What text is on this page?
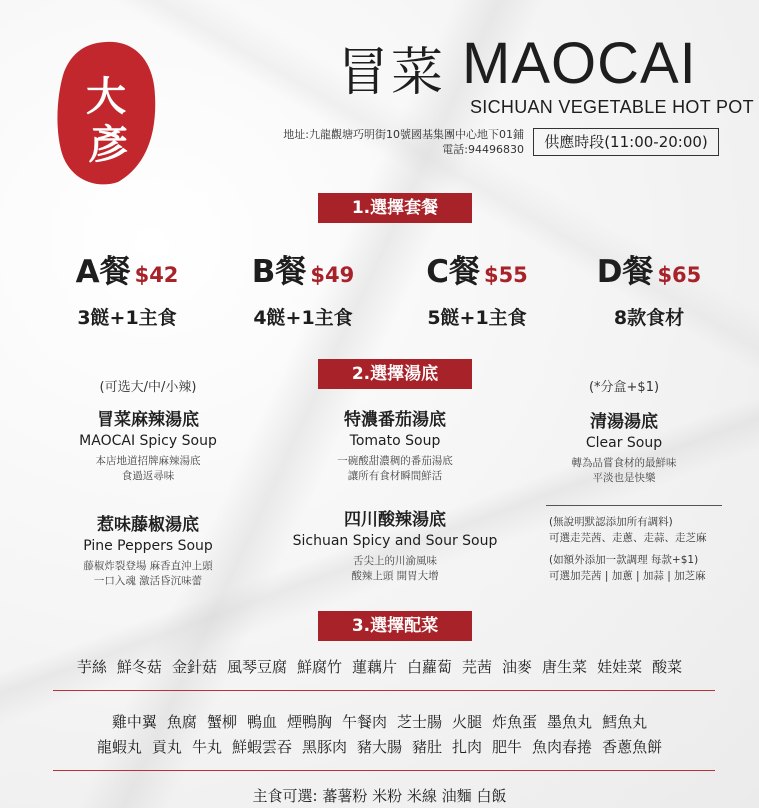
大
彥
冒菜 MAOCAI
SICHUAN VEGETABLE HOT POT
地址:九龍觀塘巧明街10號國基集團中心地下01鋪
電話:94496830	供應時段(11:00-20:00)
1.選擇套餐
A餐 $42
3餸+1主食
B餐 $49
4餸+1主食
C餐 $55
5餸+1主食
D餐 $65
8款食材
2.選擇湯底
(可选大/中/小辣)	(*分盒+$1)
冒菜麻辣湯底
MAOCAI Spicy Soup
本店地道招牌麻辣湯底
食過返尋味
特濃番茄湯底
Tomato Soup
一碗酸甜濃稠的番茄湯底
讓所有食材瞬間鮮活
清湯湯底
Clear Soup
轉為品嘗食材的最鮮味
平淡也是快樂
惹味藤椒湯底
Pine Peppers Soup
藤椒炸裂登場 麻香直沖上頭
一口入魂 激活昏沉味蕾
四川酸辣湯底
Sichuan Spicy and Sour Soup
舌尖上的川渝風味
酸辣上頭 開胃大增
(無說明默認添加所有調料)
可選走芫茜、走蔥、走蒜、走芝麻
(如額外添加一款調理 每款+$1)
可選加芫茜 | 加蔥 | 加蒜 | 加芝麻
3.選擇配菜
芋絲 鮮冬菇 金針菇 風琴豆腐 鮮腐竹 蓮藕片 白蘿蔔 芫茜 油麥 唐生菜 娃娃菜 酸菜
雞中翼 魚腐 蟹柳 鴨血 煙鴨胸 午餐肉 芝士腸 火腿 炸魚蛋 墨魚丸 鱈魚丸
龍蝦丸 貢丸 牛丸 鮮蝦雲吞 黑豚肉 豬大腸 豬肚 扎肉 肥牛 魚肉春捲 香蔥魚餅
主食可選: 蕃薯粉 米粉 米線 油麵 白飯
